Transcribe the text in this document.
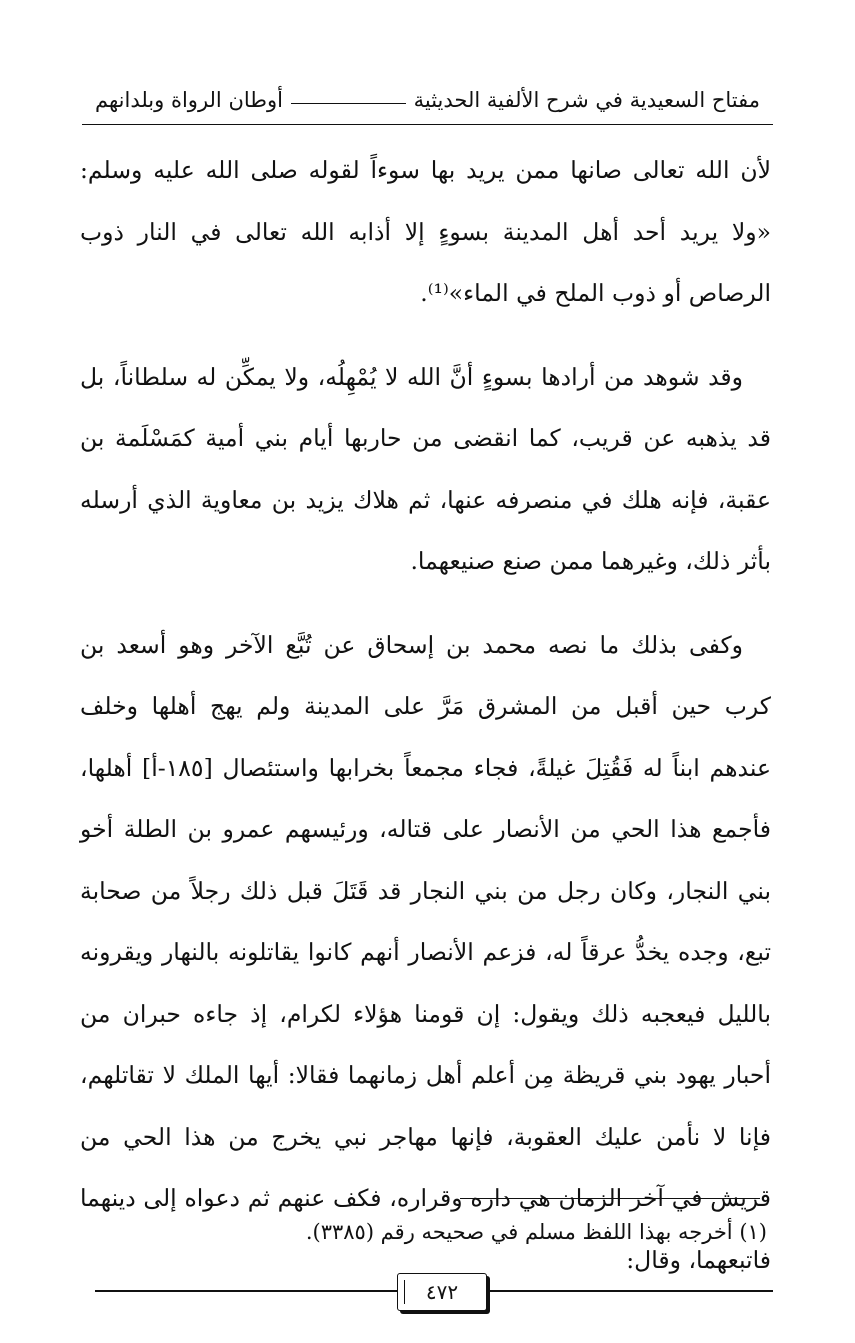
مفتاح السعيدية في شرح الألفية الحديثية
أوطان الرواة وبلدانهم

لأن الله تعالى صانها ممن يريد بها سوءاً لقوله صلى الله عليه وسلم: «ولا يريد أحد أهل المدينة بسوءٍ إلا أذابه الله تعالى في النار ذوب الرصاص أو ذوب الملح في الماء»⁽¹⁾.

وقد شوهد من أرادها بسوءٍ أنَّ الله لا يُمْهِلُه، ولا يمكِّن له سلطاناً، بل قد يذهبه عن قريب، كما انقضى من حاربها أيام بني أمية كمَسْلَمة بن عقبة، فإنه هلك في منصرفه عنها، ثم هلاك يزيد بن معاوية الذي أرسله بأثر ذلك، وغيرهما ممن صنع صنيعهما.

وكفى بذلك ما نصه محمد بن إسحاق عن تُبَّع الآخر وهو أسعد بن كرب حين أقبل من المشرق مَرَّ على المدينة ولم يهج أهلها وخلف عندهم ابناً له فَقُتِلَ غيلةً، فجاء مجمعاً بخرابها واستئصال [١٨٥-أ] أهلها، فأجمع هذا الحي من الأنصار على قتاله، ورئيسهم عمرو بن الطلة أخو بني النجار، وكان رجل من بني النجار قد قَتَلَ قبل ذلك رجلاً من صحابة تبع، وجده يخدُّ عرقاً له، فزعم الأنصار أنهم كانوا يقاتلونه بالنهار ويقرونه بالليل فيعجبه ذلك ويقول: إن قومنا هؤلاء لكرام، إذ جاءه حبران من أحبار يهود بني قريظة مِن أعلم أهل زمانهما فقالا: أيها الملك لا تقاتلهم، فإنا لا نأمن عليك العقوبة، فإنها مهاجر نبي يخرج من هذا الحي من قريش في آخر الزمان هي داره وقراره، فكف عنهم ثم دعواه إلى دينهما فاتبعهما، وقال:

(١) أخرجه بهذا اللفظ مسلم في صحيحه رقم (٣٣٨٥).
٤٧٢
